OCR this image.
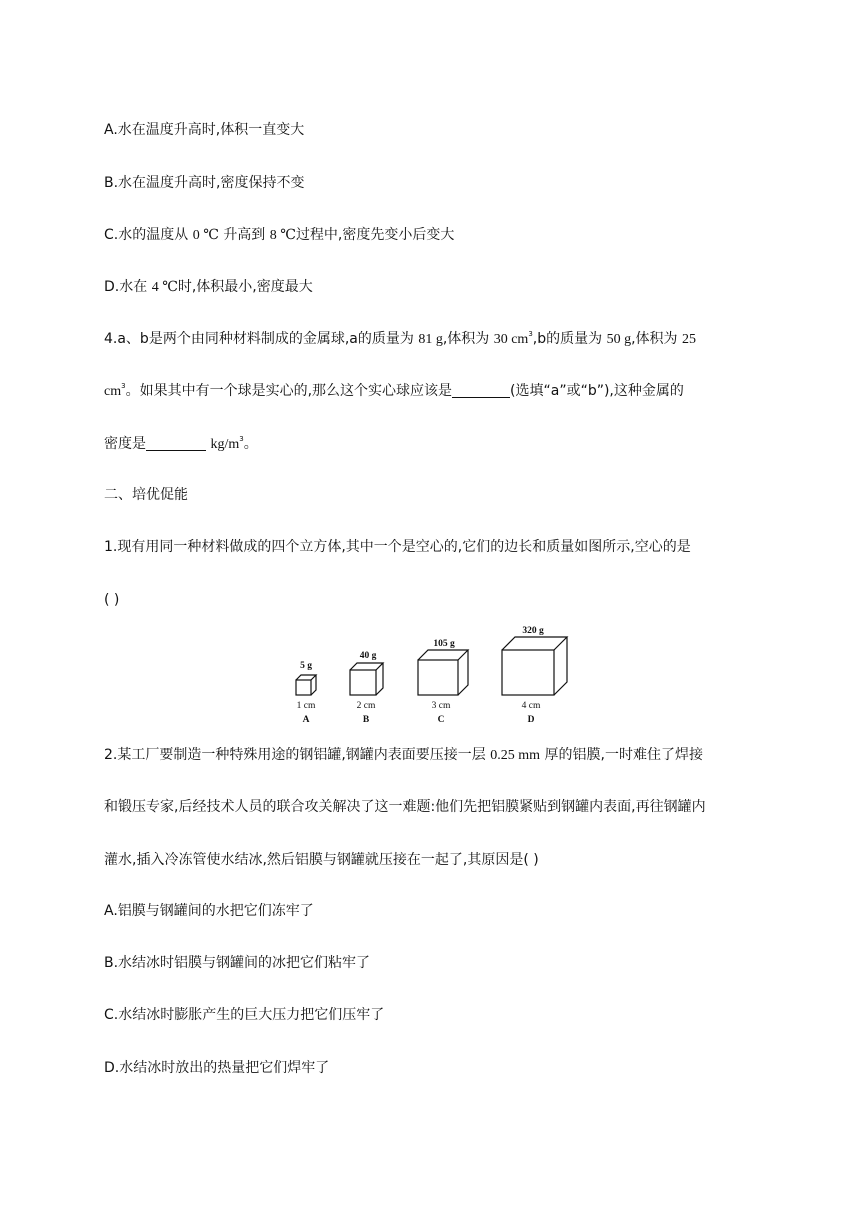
A.水在温度升高时,体积一直变大
B.水在温度升高时,密度保持不变
C.水的温度从 0 ℃ 升高到 8 ℃过程中,密度先变小后变大
D.水在 4 ℃时,体积最小,密度最大
4.a、b是两个由同种材料制成的金属球,a的质量为 81 g,体积为 30 $cm^3,b$的质量为 50 g,体积为 25
$cm^3$。如果其中有一个球是实心的,那么这个实心球应该是	(选填“a”或“b”),这种金属的
密度是	$kg/m^3$。
二、培优促能
1.现有用同一种材料做成的四个立方体,其中一个是空心的,它们的边长和质量如图所示,空心的是
( )
5 g
1 cm
A
40 g
2 cm
B
105 g
3 cm
C
320 g
4 cm
D
2.某工厂要制造一种特殊用途的钢铝罐,钢罐内表面要压接一层 0.25 mm 厚的铝膜,一时难住了焊接
和锻压专家,后经技术人员的联合攻关解决了这一难题:他们先把铝膜紧贴到钢罐内表面,再往钢罐内
灌水,插入冷冻管使水结冰,然后铝膜与钢罐就压接在一起了,其原因是( )
A.铝膜与钢罐间的水把它们冻牢了
B.水结冰时铝膜与钢罐间的冰把它们粘牢了
C.水结冰时膨胀产生的巨大压力把它们压牢了
D.水结冰时放出的热量把它们焊牢了
